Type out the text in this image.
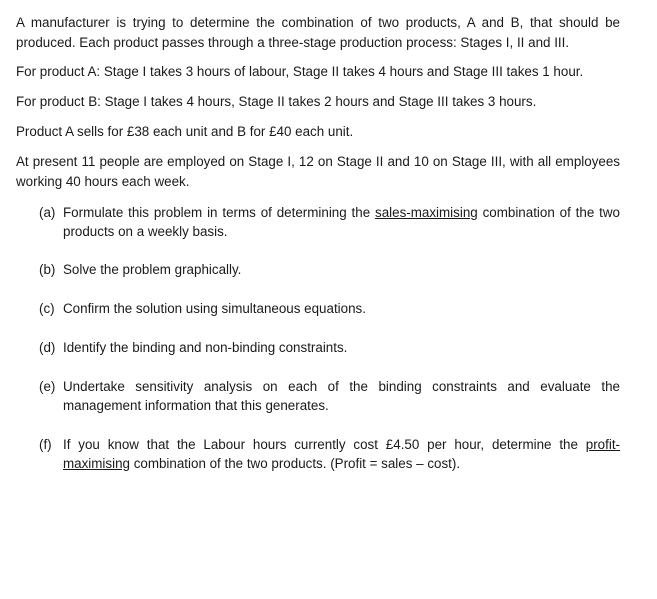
A manufacturer is trying to determine the combination of two products, A and B, that should be produced. Each product passes through a three-stage production process: Stages I, II and III.

For product A: Stage I takes 3 hours of labour, Stage II takes 4 hours and Stage III takes 1 hour.

For product B: Stage I takes 4 hours, Stage II takes 2 hours and Stage III takes 3 hours.

Product A sells for £38 each unit and B for £40 each unit.

At present 11 people are employed on Stage I, 12 on Stage II and 10 on Stage III, with all employees working 40 hours each week.

(a) Formulate this problem in terms of determining the sales-maximising combination of the two products on a weekly basis.
(b) Solve the problem graphically.
(c) Confirm the solution using simultaneous equations.
(d) Identify the binding and non-binding constraints.
(e) Undertake sensitivity analysis on each of the binding constraints and evaluate the management information that this generates.
(f) If you know that the Labour hours currently cost £4.50 per hour, determine the profit-maximising combination of the two products. (Profit = sales – cost).
